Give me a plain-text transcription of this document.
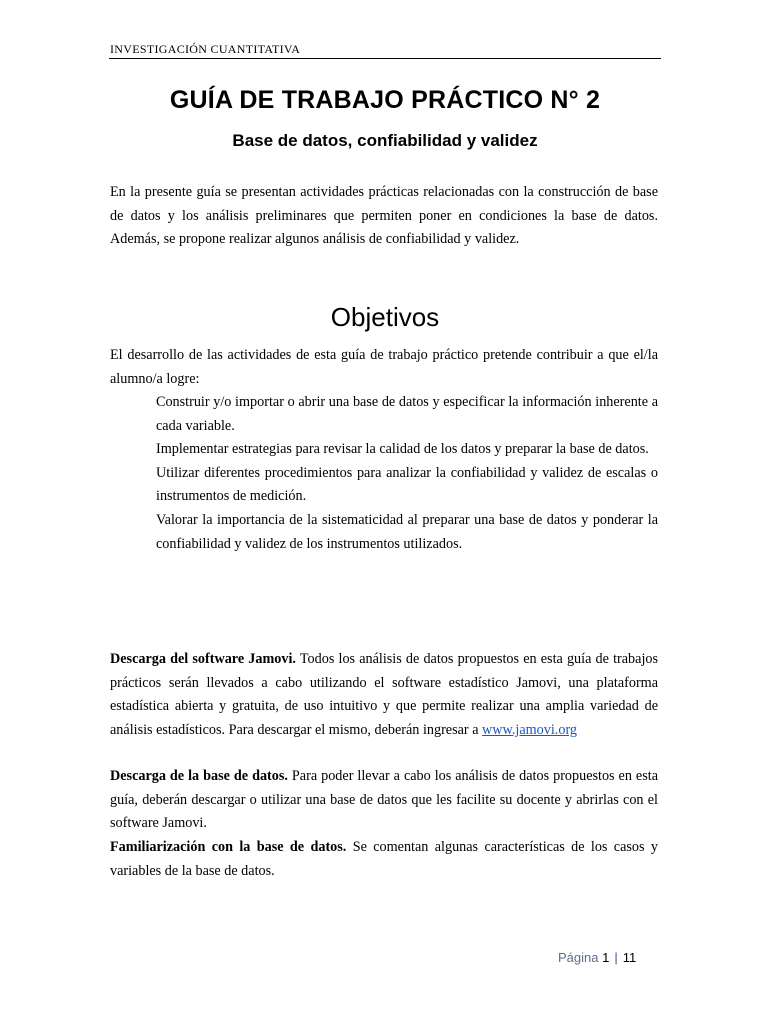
INVESTIGACIÓN CUANTITATIVA
GUÍA DE TRABAJO PRÁCTICO N° 2
Base de datos, confiabilidad y validez
En la presente guía se presentan actividades prácticas relacionadas con la construcción de base de datos y los análisis preliminares que permiten poner en condiciones la base de datos. Además, se propone realizar algunos análisis de confiabilidad y validez.
Objetivos
El desarrollo de las actividades de esta guía de trabajo práctico pretende contribuir a que el/la alumno/a logre:
Construir y/o importar o abrir una base de datos y especificar la información inherente a cada variable.
Implementar estrategias para revisar la calidad de los datos y preparar la base de datos.
Utilizar diferentes procedimientos para analizar la confiabilidad y validez de escalas o instrumentos de medición.
Valorar la importancia de la sistematicidad al preparar una base de datos y ponderar la confiabilidad y validez de los instrumentos utilizados.
Descarga del software Jamovi. Todos los análisis de datos propuestos en esta guía de trabajos prácticos serán llevados a cabo utilizando el software estadístico Jamovi, una plataforma estadística abierta y gratuita, de uso intuitivo y que permite realizar una amplia variedad de análisis estadísticos. Para descargar el mismo, deberán ingresar a www.jamovi.org
Descarga de la base de datos. Para poder llevar a cabo los análisis de datos propuestos en esta guía, deberán descargar o utilizar una base de datos que les facilite su docente y abrirlas con el software Jamovi.
Familiarización con la base de datos. Se comentan algunas características de los casos y variables de la base de datos.
Página 1 | 11
